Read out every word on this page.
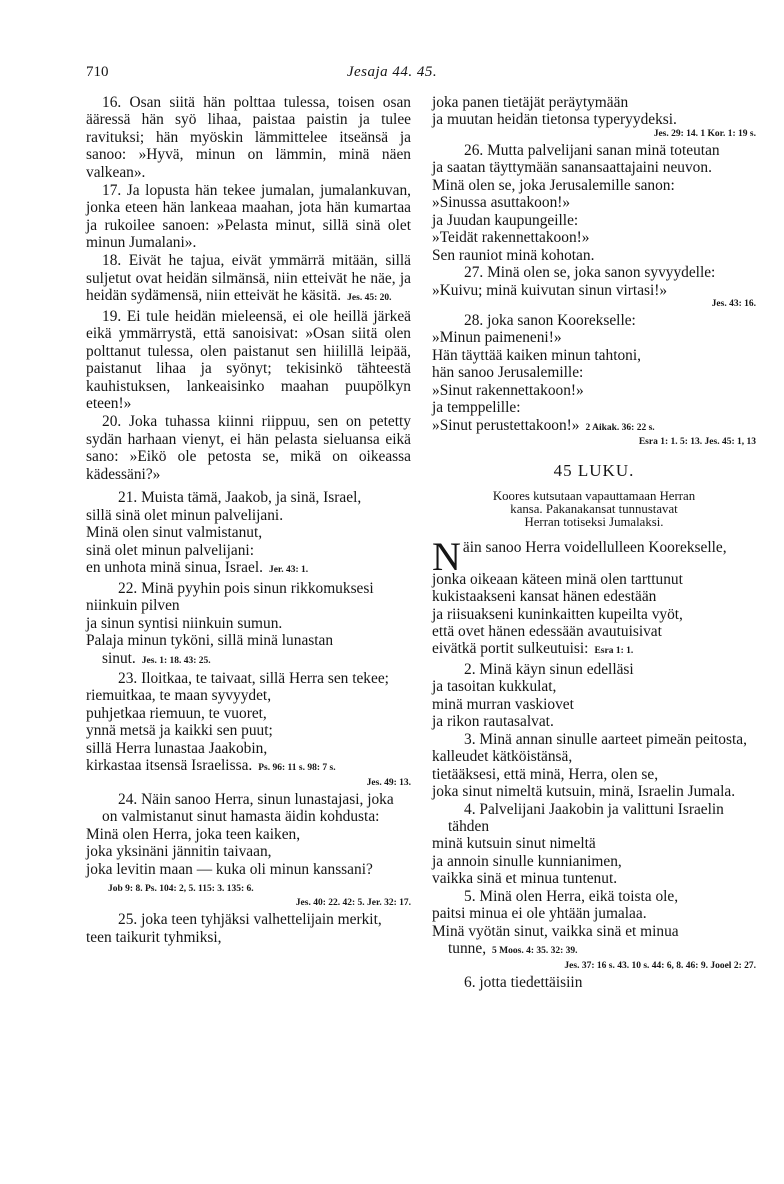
710	Jesaja 44. 45.

16. Osan siitä hän polttaa tulessa, toisen osan ääressä hän syö lihaa, paistaa paistin ja tulee ravituksi; hän myöskin lämmittelee itseänsä ja sanoo: »Hyvä, minun on lämmin, minä näen valkean».

17. Ja lopusta hän tekee jumalan, jumalankuvan, jonka eteen hän lankeaa maahan, jota hän kumartaa ja rukoilee sanoen: »Pelasta minut, sillä sinä olet minun Jumalani».

18. Eivät he tajua, eivät ymmärrä mitään, sillä suljetut ovat heidän silmänsä, niin etteivät he näe, ja heidän sydämensä, niin etteivät he käsitä. Jes. 45: 20.

19. Ei tule heidän mieleensä, ei ole heillä järkeä eikä ymmärrystä, että sanoisivat: »Osan siitä olen polttanut tulessa, olen paistanut sen hiilillä leipää, paistanut lihaa ja syönyt; tekisinkö tähteestä kauhistuksen, lankeaisinko maahan puupölkyn eteen!»

20. Joka tuhassa kiinni riippuu, sen on petetty sydän harhaan vienyt, ei hän pelasta sieluansa eikä sano: »Eikö ole petosta se, mikä on oikeassa kädessäni?»

21. Muista tämä, Jaakob, ja sinä, Israel,
sillä sinä olet minun palvelijani.
Minä olen sinut valmistanut,
sinä olet minun palvelijani:
en unhota minä sinua, Israel. Jer. 43: 1.
22. Minä pyyhin pois sinun rikkomuksesi
niinkuin pilven
ja sinun syntisi niinkuin sumun.
Palaja minun tyköni, sillä minä lunastan sinut. Jes. 1: 18. 43: 25.
23. Iloitkaa, te taivaat, sillä Herra sen tekee;
riemuitkaa, te maan syvyydet,
puhjetkaa riemuun, te vuoret,
ynnä metsä ja kaikki sen puut;
sillä Herra lunastaa Jaakobin,
kirkastaa itsensä Israelissa. Ps. 96: 11 s. 98: 7 s.
Jes. 49: 13.
24. Näin sanoo Herra, sinun lunastajasi, joka on valmistanut sinut hamasta äidin kohdusta:
Minä olen Herra, joka teen kaiken,
joka yksinäni jännitin taivaan,
joka levitin maan — kuka oli minun kanssani?Job 9: 8. Ps. 104: 2, 5. 115: 3. 135: 6.
Jes. 40: 22. 42: 5. Jer. 32: 17.
25. joka teen tyhjäksi valhettelijain merkit,
teen taikurit tyhmiksi,
joka panen tietäjät peräytymään
ja muutan heidän tietonsa typeryydeksi.
Jes. 29: 14. 1 Kor. 1: 19 s.
26. Mutta palvelijani sanan minä toteutan
ja saatan täyttymään sanansaattajaini neuvon.
Minä olen se, joka Jerusalemille sanon:
»Sinussa asuttakoon!»
ja Juudan kaupungeille:
»Teidät rakennettakoon!»
Sen rauniot minä kohotan.
27. Minä olen se, joka sanon syvyydelle:
»Kuivu; minä kuivutan sinun virtasi!»
Jes. 43: 16.
28. joka sanon Koorekselle:
»Minun paimeneni!»
Hän täyttää kaiken minun tahtoni,
hän sanoo Jerusalemille:
»Sinut rakennettakoon!»
ja temppelille:
»Sinut perustettakoon!» 2 Aikak. 36: 22 s.
Esra 1: 1. 5: 13. Jes. 45: 1, 13
45 LUKU.
Koores kutsutaan vapauttamaan Herran
kansa. Pakanakansat tunnustavat
Herran totiseksi Jumalaksi.
N äin sanoo Herra voidellulleen Koorekselle,
jonka oikeaan käteen minä olen tarttunut
kukistaakseni kansat hänen edestään
ja riisuakseni kuninkaitten kupeilta vyöt,
että ovet hänen edessään avautuisivat
eivätkä portit sulkeutuisi: Esra 1: 1.
2. Minä käyn sinun edelläsi
ja tasoitan kukkulat,
minä murran vaskiovet
ja rikon rautasalvat.
3. Minä annan sinulle aarteet pimeän peitosta,
kalleudet kätköistänsä,
tietääksesi, että minä, Herra, olen se,
joka sinut nimeltä kutsuin, minä, Israelin Jumala.
4. Palvelijani Jaakobin ja valittuni Israelin tähden
minä kutsuin sinut nimeltä
ja annoin sinulle kunnianimen,
vaikka sinä et minua tuntenut.
5. Minä olen Herra, eikä toista ole,
paitsi minua ei ole yhtään jumalaa.
Minä vyötän sinut, vaikka sinä et minua tunne, 5 Moos. 4: 35. 32: 39.
Jes. 37: 16 s. 43. 10 s. 44: 6, 8. 46: 9. Jooel 2: 27.
6. jotta tiedettäisiin
